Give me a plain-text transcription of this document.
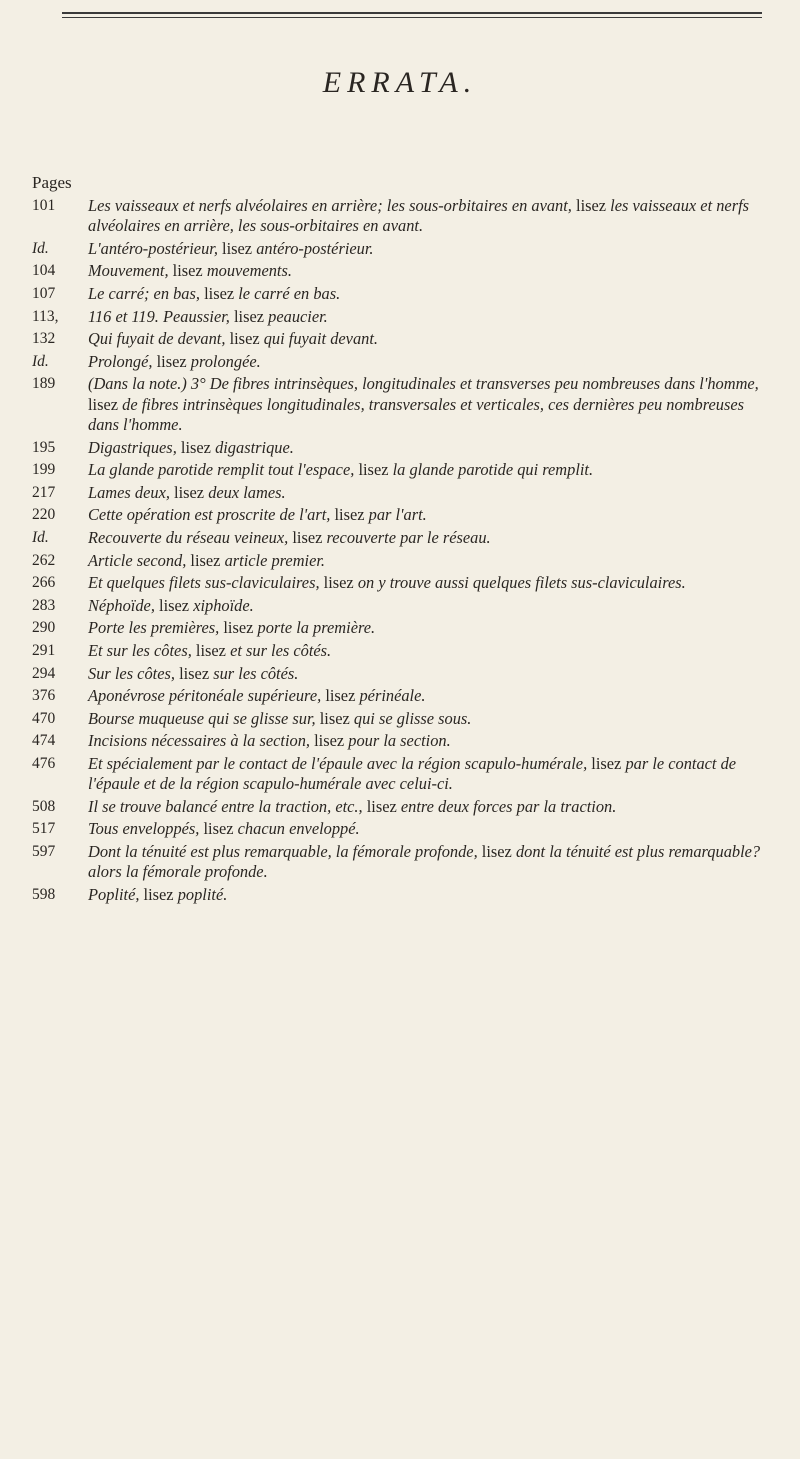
ERRATA.
Pages
101	Les vaisseaux et nerfs alvéolaires en arrière; les sous-orbitaires en avant, lisez les vaisseaux et nerfs alvéolaires en arrière, les sous-orbitaires en avant.
Id.	L'antéro-postérieur, lisez antéro-postérieur.
104	Mouvement, lisez mouvements.
107	Le carré; en bas, lisez le carré en bas.
113,	116 et 119. Peaussier, lisez peaucier.
132	Qui fuyait de devant, lisez qui fuyait devant.
Id.	Prolongé, lisez prolongée.
189	(Dans la note.) 3° De fibres intrinsèques, longitudinales et transverses peu nombreuses dans l'homme, lisez de fibres intrinsèques longitudinales, transversales et verticales, ces dernières peu nombreuses dans l'homme.
195	Digastriques, lisez digastrique.
199	La glande parotide remplit tout l'espace, lisez la glande parotide qui remplit.
217	Lames deux, lisez deux lames.
220	Cette opération est proscrite de l'art, lisez par l'art.
Id.	Recouverte du réseau veineux, lisez recouverte par le réseau.
262	Article second, lisez article premier.
266	Et quelques filets sus-claviculaires, lisez on y trouve aussi quelques filets sus-claviculaires.
283	Néphoïde, lisez xiphoïde.
290	Porte les premières, lisez porte la première.
291	Et sur les côtes, lisez et sur les côtés.
294	Sur les côtes, lisez sur les côtés.
376	Aponévrose péritonéale supérieure, lisez périnéale.
470	Bourse muqueuse qui se glisse sur, lisez qui se glisse sous.
474	Incisions nécessaires à la section, lisez pour la section.
476	Et spécialement par le contact de l'épaule avec la région scapulo-humérale, lisez par le contact de l'épaule et de la région scapulo-humérale avec celui-ci.
508	Il se trouve balancé entre la traction, etc., lisez entre deux forces par la traction.
517	Tous enveloppés, lisez chacun enveloppé.
597	Dont la ténuité est plus remarquable, la fémorale profonde, lisez dont la ténuité est plus remarquable? alors la fémorale profonde.
598	Poplité, lisez poplité.
